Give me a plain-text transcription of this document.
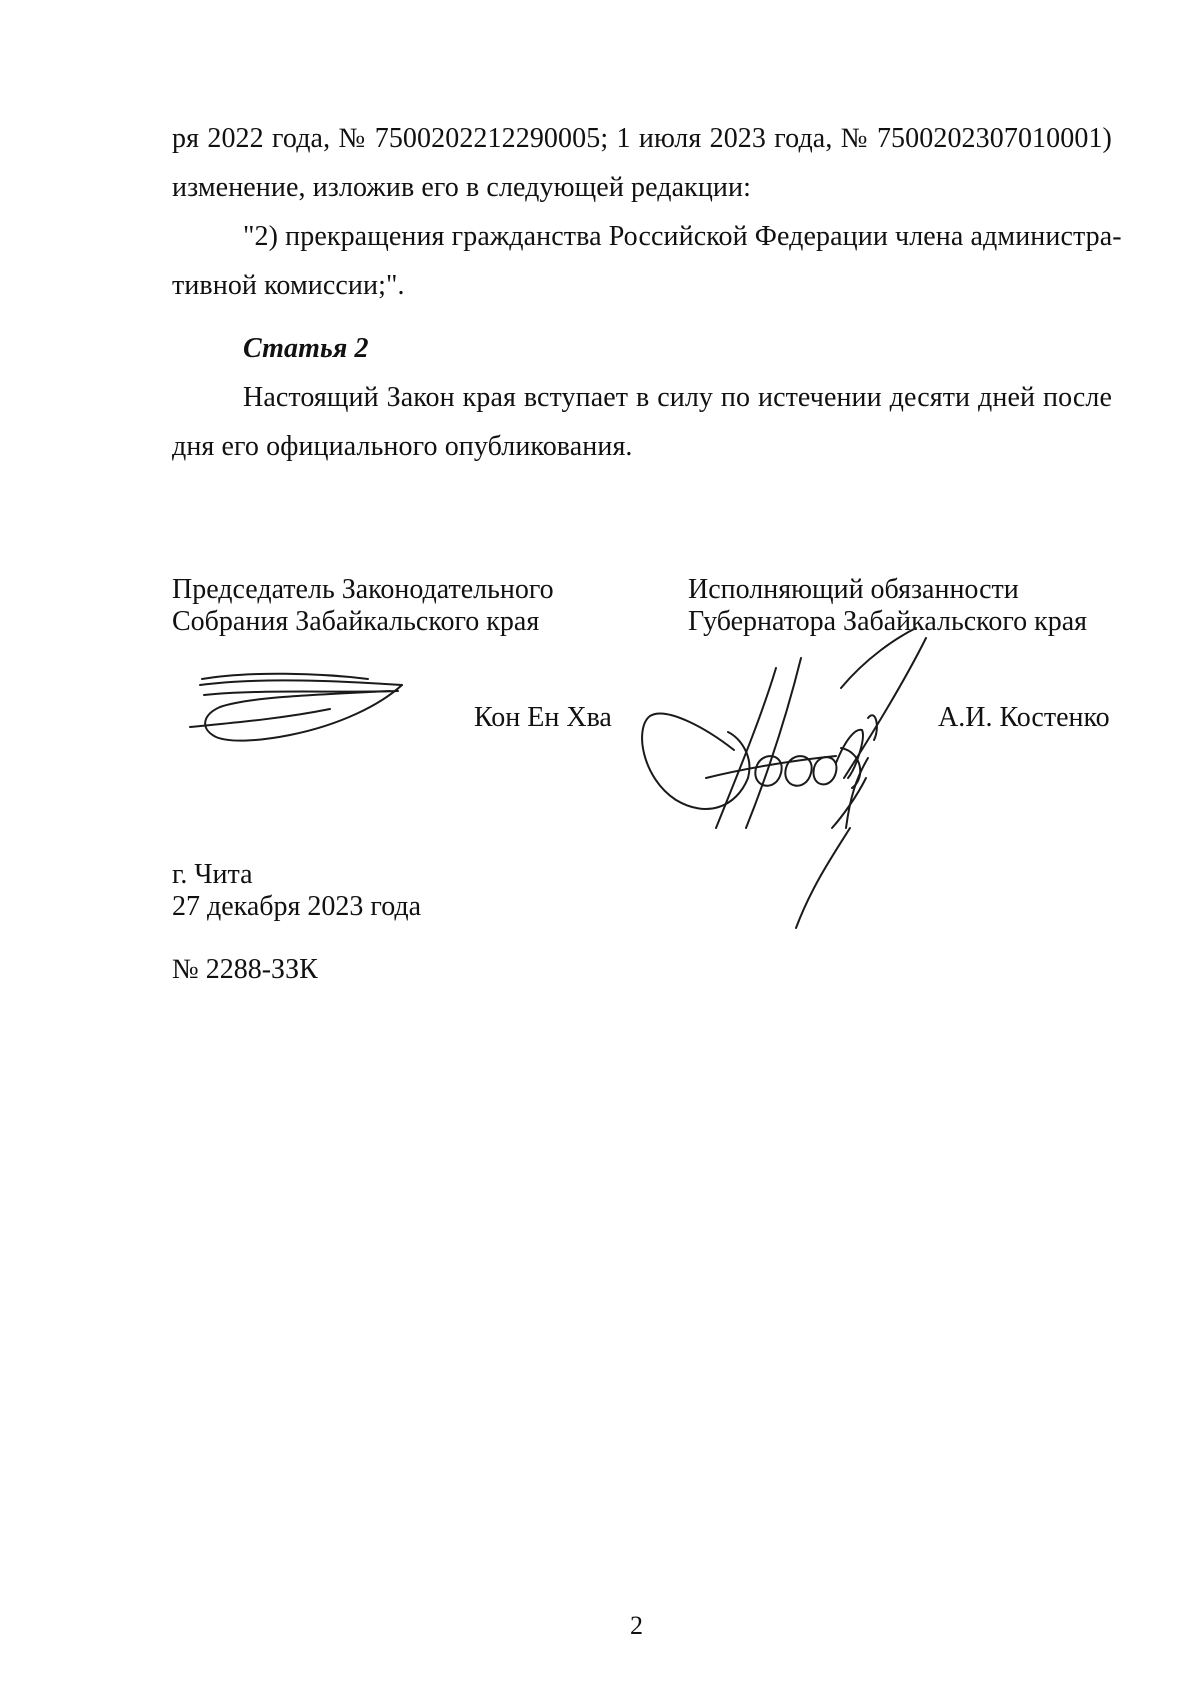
ря 2022 года, № 7500202212290005; 1 июля 2023 года, № 7500202307010001)
изменение, изложив его в следующей редакции:
"2) прекращения гражданства Российской Федерации члена администра-
тивной комиссии;".
Статья 2
Настоящий Закон края вступает в силу по истечении десяти дней после
дня его официального опубликования.
Председатель Законодательного
Собрания Забайкальского края
Кон Ен Хва
Исполняющий обязанности
Губернатора Забайкальского края
А.И. Костенко
г. Чита
27 декабря 2023 года
№ 2288-ЗЗК
2
